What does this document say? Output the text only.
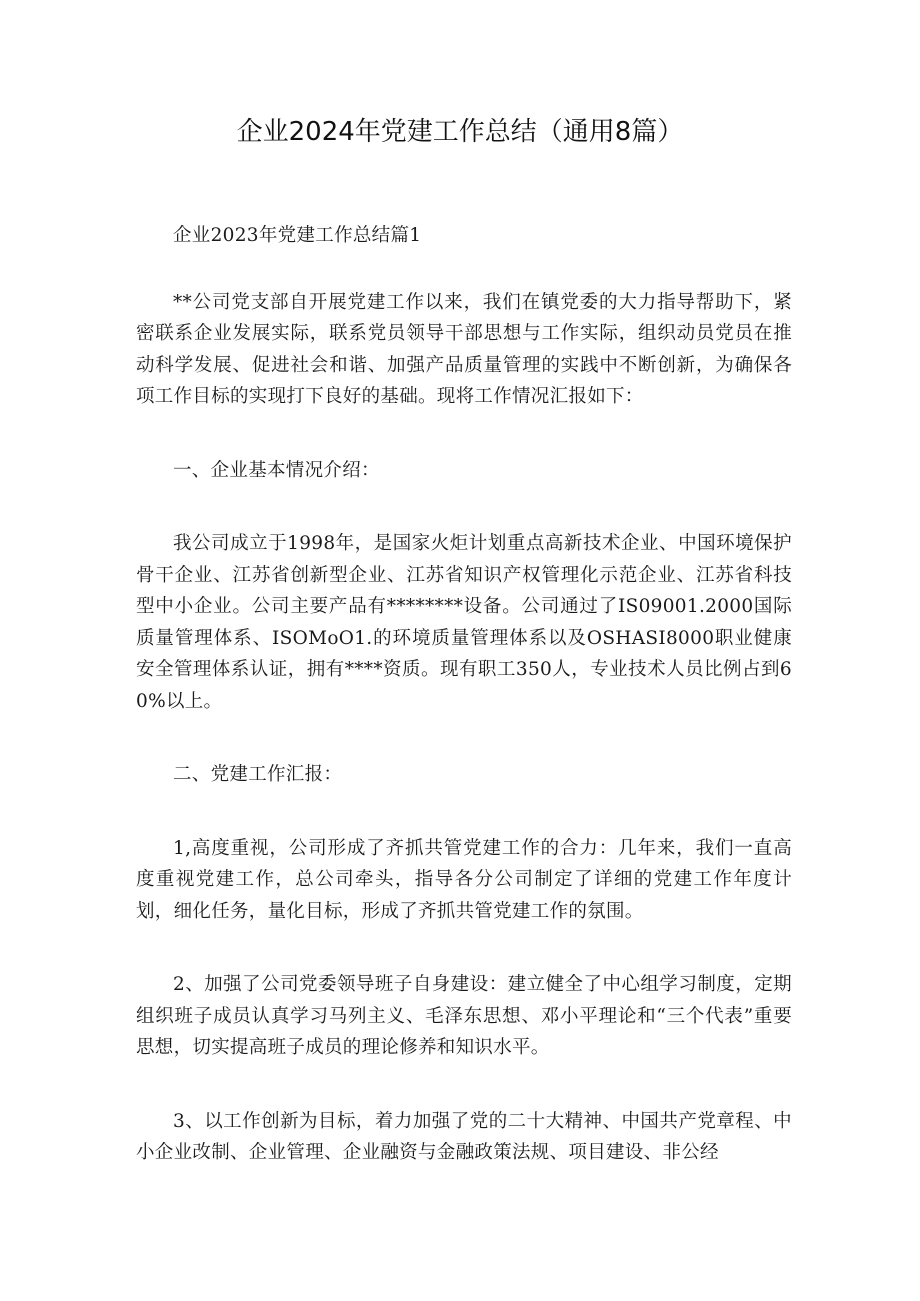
企业2024年党建工作总结（通用8篇）

企业2023年党建工作总结篇1

**公司党支部自开展党建工作以来，我们在镇党委的大力指导帮助下，紧密联系企业发展实际，联系党员领导干部思想与工作实际，组织动员党员在推动科学发展、促进社会和谐、加强产品质量管理的实践中不断创新，为确保各项工作目标的实现打下良好的基础。现将工作情况汇报如下：

一、企业基本情况介绍：

我公司成立于1998年，是国家火炬计划重点高新技术企业、中国环境保护骨干企业、江苏省创新型企业、江苏省知识产权管理化示范企业、江苏省科技型中小企业。公司主要产品有********设备。公司通过了IS09001.2000国际质量管理体系、ISOMoO1.的环境质量管理体系以及OSHASI8000职业健康安全管理体系认证，拥有****资质。现有职工350人，专业技术人员比例占到60%以上。

二、党建工作汇报：

1,高度重视，公司形成了齐抓共管党建工作的合力：几年来，我们一直高度重视党建工作，总公司牵头，指导各分公司制定了详细的党建工作年度计划，细化任务，量化目标，形成了齐抓共管党建工作的氛围。

2、加强了公司党委领导班子自身建设：建立健全了中心组学习制度，定期组织班子成员认真学习马列主义、毛泽东思想、邓小平理论和“三个代表”重要思想，切实提高班子成员的理论修养和知识水平。

3、以工作创新为目标，着力加强了党的二十大精神、中国共产党章程、中小企业改制、企业管理、企业融资与金融政策法规、项目建设、非公经
